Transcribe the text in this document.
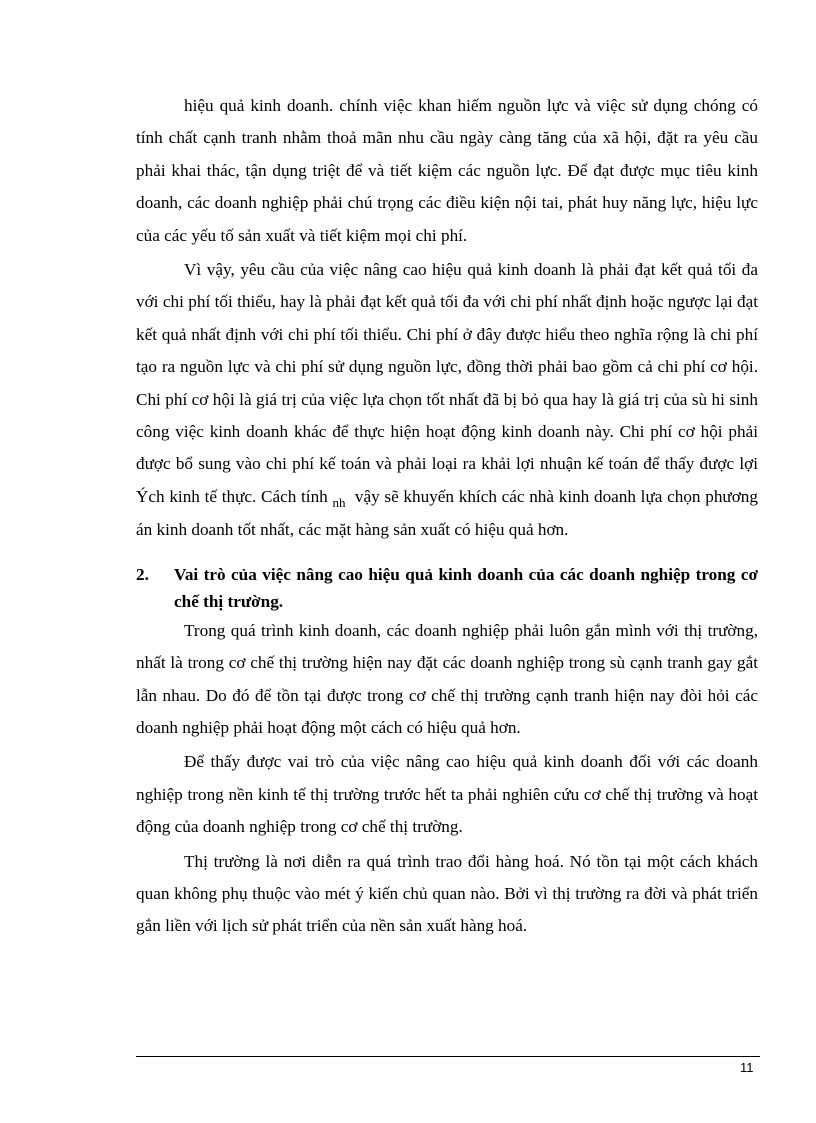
hiệu quả kinh doanh. chính việc khan hiếm nguồn lực và việc sử dụng chóng có tính chất cạnh tranh nhằm thoả mãn nhu cầu ngày càng tăng của xã hội, đặt ra yêu cầu phải khai thác, tận dụng triệt để và tiết kiệm các nguồn lực. Để đạt được mục tiêu kinh doanh, các doanh nghiệp phải chú trọng các điều kiện nội tai, phát huy năng lực, hiệu lực của các yếu tố sản xuất và tiết kiệm mọi chi phí.

Vì vậy, yêu cầu của việc nâng cao hiệu quả kinh doanh là phải đạt kết quả tối đa với chi phí tối thiểu, hay là phải đạt kết quả tối đa với chi phí nhất định hoặc ngược lại đạt kết quả nhất định với chi phí tối thiểu. Chi phí ở đây được hiểu theo nghĩa rộng là chi phí tạo ra nguồn lực và chi phí sử dụng nguồn lực, đồng thời phải bao gồm cả chi phí cơ hội. Chi phí cơ hội là giá trị của việc lựa chọn tốt nhất đã bị bỏ qua hay là giá trị của sù hi sinh công việc kinh doanh khác để thực hiện hoạt động kinh doanh này. Chi phí cơ hội phải được bổ sung vào chi phí kế toán và phải loại ra khải lợi nhuận kế toán để thấy được lợi Ých kinh tế thực. Cách tính $_{nh}$ vậy sẽ khuyến khích các nhà kinh doanh lựa chọn phương án kinh doanh tốt nhất, các mặt hàng sản xuất có hiệu quả hơn.

2.	Vai trò của việc nâng cao hiệu quả kinh doanh của các doanh nghiệp trong cơ chế thị trường.

Trong quá trình kinh doanh, các doanh nghiệp phải luôn gắn mình với thị trường, nhất là trong cơ chế thị trường hiện nay đặt các doanh nghiệp trong sù cạnh tranh gay gắt lẫn nhau. Do đó để tồn tại được trong cơ chế thị trường cạnh tranh hiện nay đòi hỏi các doanh nghiệp phải hoạt động một cách có hiệu quả hơn.

Để thấy được vai trò của việc nâng cao hiệu quả kinh doanh đối với các doanh nghiệp trong nền kinh tế thị trường trước hết ta phải nghiên cứu cơ chế thị trường và hoạt động của doanh nghiệp trong cơ chế thị trường.

Thị trường là nơi diễn ra quá trình trao đổi hàng hoá. Nó tồn tại một cách khách quan không phụ thuộc vào mét ý kiến chủ quan nào. Bởi vì thị trường ra đời và phát triển gắn liền với lịch sử phát triển của nền sản xuất hàng hoá.

11
